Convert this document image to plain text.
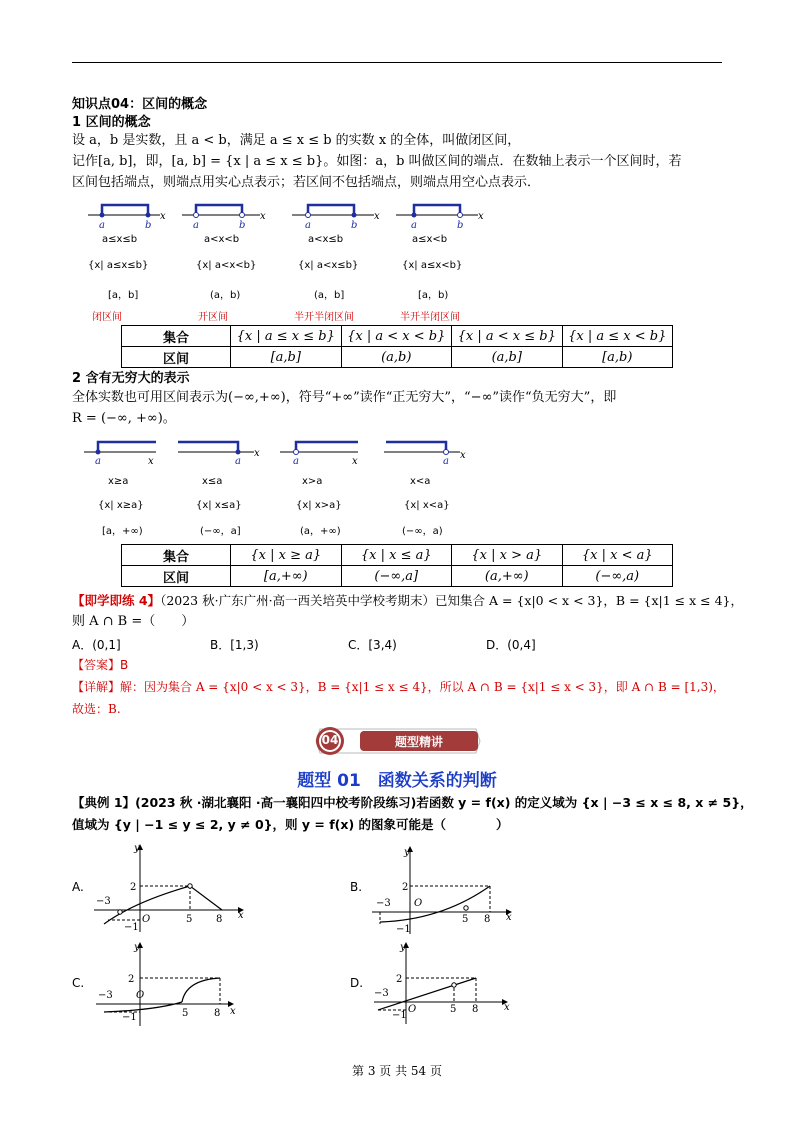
知识点04：区间的概念
1 区间的概念
设 a，b 是实数，且 a < b，满足 a ≤ x ≤ b 的实数 x 的全体，叫做闭区间，
记作[a, b]，即，[a, b] = {x | a ≤ x ≤ b}。如图：a，b 叫做区间的端点．在数轴上表示一个区间时，若
区间包括端点，则端点用实心点表示；若区间不包括端点，则端点用空心点表示．
x
a	b
x
a	b
x
a	b
x
a	b
a≤x≤b	a<x<b	a<x≤b	a≤x<b
{x| a≤x≤b}	{x| a<x<b}	{x| a<x≤b}	{x| a≤x<b}
[a，b]	(a，b)	(a，b]	[a，b)
闭区间	开区间	半开半闭区间	半开半闭区间
集合	{x | a ≤ x ≤ b}	{x | a < x < b}	{x | a < x ≤ b}	{x | a ≤ x < b}
区间	[a,b]	(a,b)	(a,b]	[a,b)
2 含有无穷大的表示
全体实数也可用区间表示为(−∞,+∞)，符号“+∞”读作“正无穷大”，“−∞”读作“负无穷大”，即
R = (−∞, +∞)。
x
a
x
a	x
a
x
a
x≥a	x≤a	x>a	x<a
{x| x≥a}	{x| x≤a}	{x| x>a}	{x| x<a}
[a，+∞)	(−∞，a]	(a，+∞)	(−∞，a)
集合	{x | x ≥ a}	{x | x ≤ a}	{x | x > a}	{x | x < a}
区间	[a,+∞)	(−∞,a]	(a,+∞)	(−∞,a)
【即学即练 4】（2023 秋·广东广州·高一西关培英中学校考期末）已知集合 A = {x|0 < x < 3}，B = {x|1 ≤ x ≤ 4}，
则 A ∩ B =（　　）
A．(0,1]	B．[1,3)	C．[3,4)	D．(0,4]
【答案】B
【详解】解：因为集合 A = {x|0 < x < 3}，B = {x|1 ≤ x ≤ 4}，所以 A ∩ B = {x|1 ≤ x < 3}，即 A ∩ B = [1,3)，
故选：B.
04	题型精讲
题型 01　函数关系的判断
【典例 1】(2023 秋 ·湖北襄阳 ·高一襄阳四中校考阶段练习)若函数 y = f(x) 的定义域为 {x | −3 ≤ x ≤ 8, x ≠ 5}，
值域为 {y | −1 ≤ y ≤ 2, y ≠ 0}，则 y = f(x) 的图象可能是（　　　　）
A.	B.
C.	D.
y
x
O
−3
2
−1
5 8
y
x
O
−3
2
−1
5 8
y
x
O
−3
2
−1	5	8
y
x
O
−3
2
−1
5 8
第 3 页 共 54 页
